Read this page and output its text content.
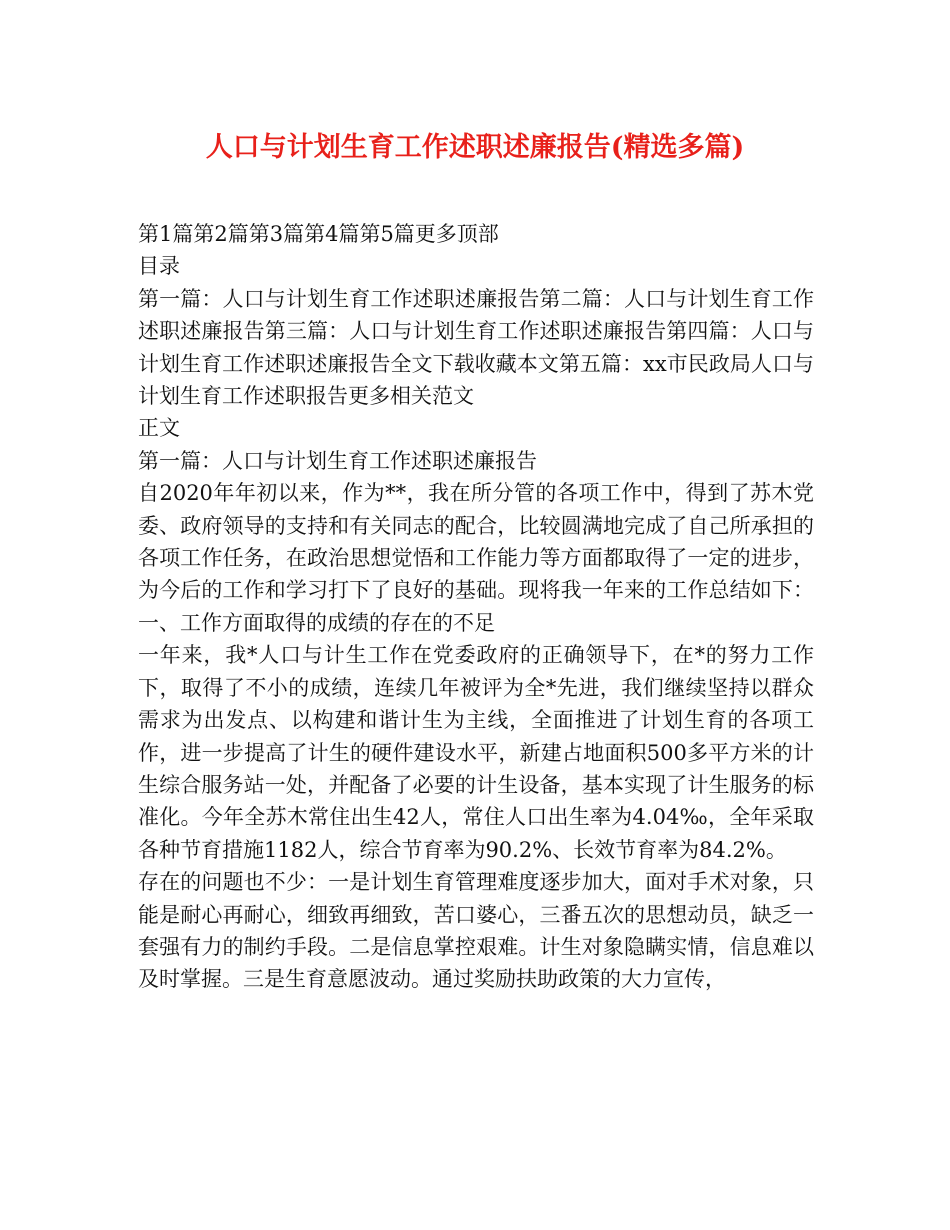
人口与计划生育工作述职述廉报告(精选多篇)

第1篇第2篇第3篇第4篇第5篇更多顶部

目录

第一篇：人口与计划生育工作述职述廉报告第二篇：人口与计划生育工作述职述廉报告第三篇：人口与计划生育工作述职述廉报告第四篇：人口与计划生育工作述职述廉报告全文下载收藏本文第五篇：xx市民政局人口与计划生育工作述职报告更多相关范文

正文

第一篇：人口与计划生育工作述职述廉报告

自2020年年初以来，作为**，我在所分管的各项工作中，得到了苏木党委、政府领导的支持和有关同志的配合，比较圆满地完成了自己所承担的各项工作任务，在政治思想觉悟和工作能力等方面都取得了一定的进步，为今后的工作和学习打下了良好的基础。现将我一年来的工作总结如下： 一、工作方面取得的成绩的存在的不足

一年来，我*人口与计生工作在党委政府的正确领导下，在*的努力工作下，取得了不小的成绩，连续几年被评为全*先进，我们继续坚持以群众需求为出发点、以构建和谐计生为主线，全面推进了计划生育的各项工作，进一步提高了计生的硬件建设水平，新建占地面积500多平方米的计生综合服务站一处，并配备了必要的计生设备，基本实现了计生服务的标准化。今年全苏木常住出生42人，常住人口出生率为4.04‰，全年采取各种节育措施1182人，综合节育率为90.2%、长效节育率为84.2%。

存在的问题也不少：一是计划生育管理难度逐步加大，面对手术对象，只能是耐心再耐心，细致再细致，苦口婆心，三番五次的思想动员，缺乏一套强有力的制约手段。二是信息掌控艰难。计生对象隐瞒实情，信息难以及时掌握。三是生育意愿波动。通过奖励扶助政策的大力宣传，
